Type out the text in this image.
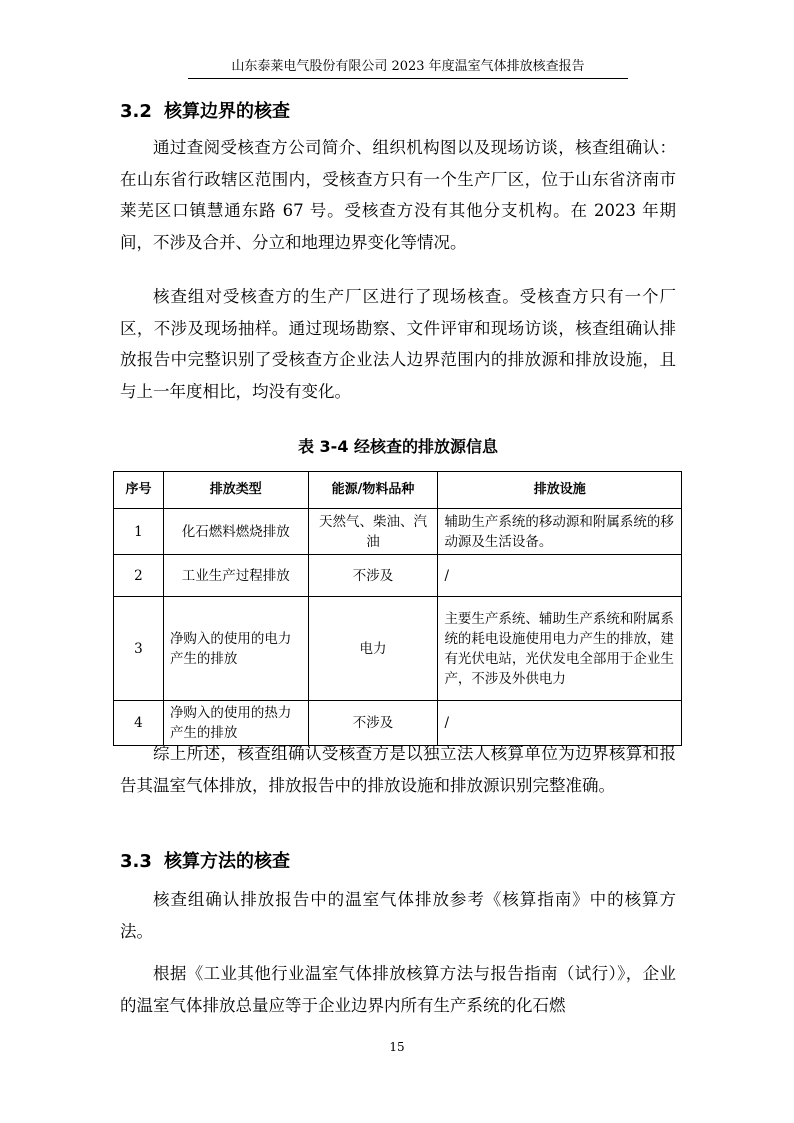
山东泰莱电气股份有限公司 2023 年度温室气体排放核查报告
3.2 核算边界的核查

通过查阅受核查方公司简介、组织机构图以及现场访谈，核查组确认：在山东省行政辖区范围内，受核查方只有一个生产厂区，位于山东省济南市莱芜区口镇慧通东路 67 号。受核查方没有其他分支机构。在 2023 年期间，不涉及合并、分立和地理边界变化等情况。

核查组对受核查方的生产厂区进行了现场核查。受核查方只有一个厂区，不涉及现场抽样。通过现场勘察、文件评审和现场访谈，核查组确认排放报告中完整识别了受核查方企业法人边界范围内的排放源和排放设施，且与上一年度相比，均没有变化。

表 3-4 经核查的排放源信息
序号	排放类型	能源/物料品种	排放设施
1	化石燃料燃烧排放	天然气、柴油、汽油	辅助生产系统的移动源和附属系统的移动源及生活设备。
2	工业生产过程排放	不涉及	/
3	净购入的使用的电力产生的排放	电力	主要生产系统、辅助生产系统和附属系统的耗电设施使用电力产生的排放，建有光伏电站，光伏发电全部用于企业生产，不涉及外供电力
4	净购入的使用的热力产生的排放	不涉及	/

综上所述，核查组确认受核查方是以独立法人核算单位为边界核算和报告其温室气体排放，排放报告中的排放设施和排放源识别完整准确。

3.3 核算方法的核查

核查组确认排放报告中的温室气体排放参考《核算指南》中的核算方法。

根据《工业其他行业温室气体排放核算方法与报告指南（试行）》，企业的温室气体排放总量应等于企业边界内所有生产系统的化石燃

15
